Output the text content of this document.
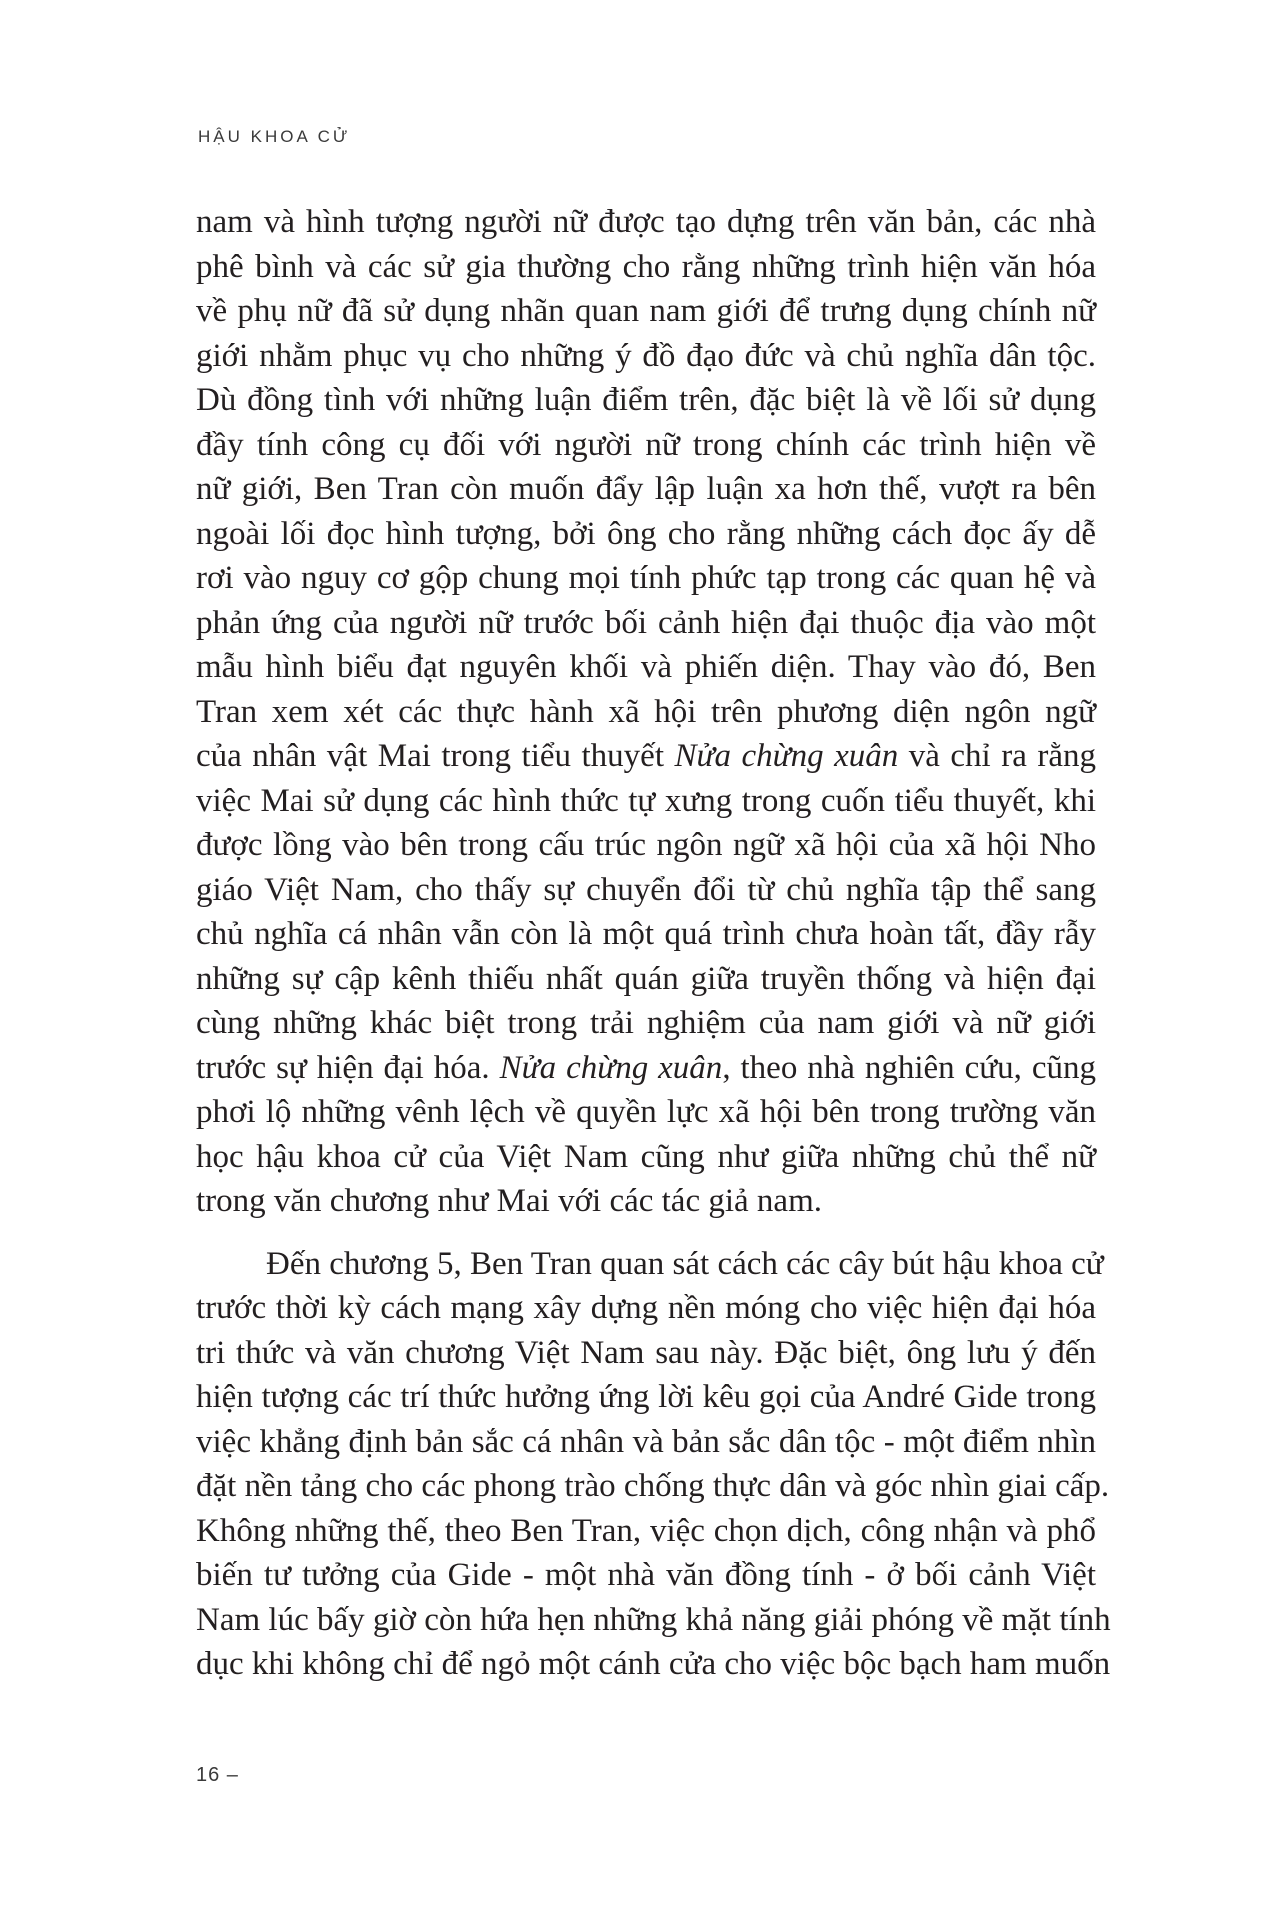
HẬU KHOA CỬ

nam và hình tượng người nữ được tạo dựng trên văn bản, các nhà
phê bình và các sử gia thường cho rằng những trình hiện văn hóa
về phụ nữ đã sử dụng nhãn quan nam giới để trưng dụng chính nữ
giới nhằm phục vụ cho những ý đồ đạo đức và chủ nghĩa dân tộc.
Dù đồng tình với những luận điểm trên, đặc biệt là về lối sử dụng
đầy tính công cụ đối với người nữ trong chính các trình hiện về
nữ giới, Ben Tran còn muốn đẩy lập luận xa hơn thế, vượt ra bên
ngoài lối đọc hình tượng, bởi ông cho rằng những cách đọc ấy dễ
rơi vào nguy cơ gộp chung mọi tính phức tạp trong các quan hệ và
phản ứng của người nữ trước bối cảnh hiện đại thuộc địa vào một
mẫu hình biểu đạt nguyên khối và phiến diện. Thay vào đó, Ben
Tran xem xét các thực hành xã hội trên phương diện ngôn ngữ
của nhân vật Mai trong tiểu thuyết Nửa chừng xuân và chỉ ra rằng
việc Mai sử dụng các hình thức tự xưng trong cuốn tiểu thuyết, khi
được lồng vào bên trong cấu trúc ngôn ngữ xã hội của xã hội Nho
giáo Việt Nam, cho thấy sự chuyển đổi từ chủ nghĩa tập thể sang
chủ nghĩa cá nhân vẫn còn là một quá trình chưa hoàn tất, đầy rẫy
những sự cập kênh thiếu nhất quán giữa truyền thống và hiện đại
cùng những khác biệt trong trải nghiệm của nam giới và nữ giới
trước sự hiện đại hóa. Nửa chừng xuân, theo nhà nghiên cứu, cũng
phơi lộ những vênh lệch về quyền lực xã hội bên trong trường văn
học hậu khoa cử của Việt Nam cũng như giữa những chủ thể nữ
trong văn chương như Mai với các tác giả nam.

Đến chương 5, Ben Tran quan sát cách các cây bút hậu khoa cử

trước thời kỳ cách mạng xây dựng nền móng cho việc hiện đại hóa
tri thức và văn chương Việt Nam sau này. Đặc biệt, ông lưu ý đến
hiện tượng các trí thức hưởng ứng lời kêu gọi của André Gide trong
việc khẳng định bản sắc cá nhân và bản sắc dân tộc - một điểm nhìn
đặt nền tảng cho các phong trào chống thực dân và góc nhìn giai cấp.
Không những thế, theo Ben Tran, việc chọn dịch, công nhận và phổ
biến tư tưởng của Gide - một nhà văn đồng tính - ở bối cảnh Việt
Nam lúc bấy giờ còn hứa hẹn những khả năng giải phóng về mặt tính
dục khi không chỉ để ngỏ một cánh cửa cho việc bộc bạch ham muốn

16 –
